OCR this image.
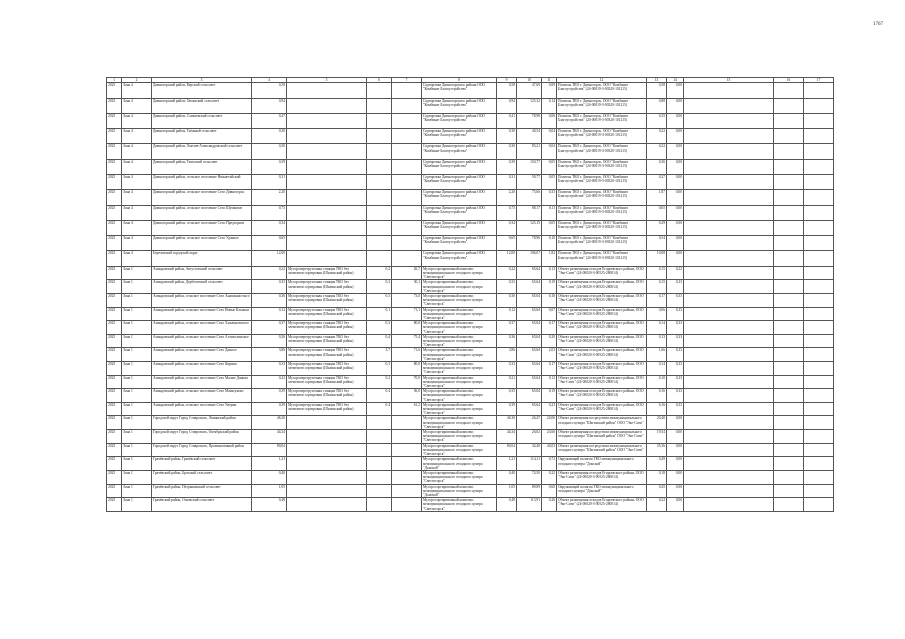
1767
1	2	3	4	5	6	7	8	9	10	11	12	13	14	15	16	17
2025	Зона 4	Дивногорский район, Керский сельсовет	0,58				Сортировка Дивногорского района ООО "Комбинат Благоустройства"	0,58	47,69	0,09	Полигон ТКО г. Дивногорск, ООО "Комбинат Благоустройства" (24-00019-З-00320-101215)	0,58	0,00			
2025	Зона 4	Дивногорский район, Овсянский сельсовет	0,94				Сортировка Дивногорского района ООО "Комбинат Благоустройства"	0,94	125,32	0,14	Полигон ТКО г. Дивногорск, ООО "Комбинат Благоустройства" (24-00019-З-00320-101215)	0,88	0,00			
2025	Зона 4	Дивногорский район, Слизневский сельсовет	0,47				Сортировка Дивногорского района ООО "Комбинат Благоустройства"	0,41	78,98	0,06	Полигон ТКО г. Дивногорск, ООО "Комбинат Благоустройства" (24-00019-З-00320-101215)	0,35	0,00			
2025	Зона 4	Дивногорский район, Таёжный сельсовет	0,30				Сортировка Дивногорского района ООО "Комбинат Благоустройства"	0,30	40,54	0,04	Полигон ТКО г. Дивногорск, ООО "Комбинат Благоустройства" (24-00019-З-00320-101215)	0,22	0,00			
2025	Зона 4	Дивногорский район, Хмелев-Александровский сельсовет	0,30				Сортировка Дивногорского района ООО "Комбинат Благоустройства"	0,30	85,21	0,04	Полигон ТКО г. Дивногорск, ООО "Комбинат Благоустройства" (24-00019-З-00320-101215)	0,22	0,00			
2025	Зона 4	Дивногорский район, Тюльский сельсовет	0,39				Сортировка Дивногорского района ООО "Комбинат Благоустройства"	0,39	150,77	0,05	Полигон ТКО г. Дивногорск, ООО "Комбинат Благоустройства" (24-00019-З-00320-101215)	0,36	0,00			
2025	Зона 4	Дивногорский район, сельское поселение Нижнетайский	0,31				Сортировка Дивногорского района ООО "Комбинат Благоустройства"	0,31	50,77	0,05	Полигон ТКО г. Дивногорск, ООО "Комбинат Благоустройства" (24-00019-З-00320-101215)	0,27	0,00			
2025	Зона 4	Дивногорский район, сельское поселение Село Дивногорск	2,20				Сортировка Дивногорского района ООО "Комбинат Благоустройства"	2,20	75,66	0,33	Полигон ТКО г. Дивногорск, ООО "Комбинат Благоустройства" (24-00019-З-00320-101215)	1,87	0,00			
2025	Зона 4	Дивногорский район, сельское поселение Село Шумковое	0,75				Сортировка Дивногорского района ООО "Комбинат Благоустройства"	0,75	88,17	0,11	Полигон ТКО г. Дивногорск, ООО "Комбинат Благоустройства" (24-00019-З-00320-101215)	0,65	0,00			
2025	Зона 4	Дивногорский район, сельское поселение Село Предгорное	0,34				Сортировка Дивногорского района ООО "Комбинат Благоустройства"	0,34	125,15	0,05	Полигон ТКО г. Дивногорск, ООО "Комбинат Благоустройства" (24-00019-З-00320-101215)	0,29	0,00			
2025	Зона 4	Дивногорский район, сельское поселение Село Удачное	0,65				Сортировка Дивногорского района ООО "Комбинат Благоустройства"	0,65	78,96	0,10	Полигон ТКО г. Дивногорск, ООО "Комбинат Благоустройства" (24-00019-З-00320-101215)	0,54	0,00			
2025	Зона 4	Березовский городской округ	12,00				Сортировка Дивногорского района ООО "Комбинат Благоустройства"	12,00	106,07	1,82	Полигон ТКО г. Дивногорск, ООО "Комбинат Благоустройства" (24-00019-З-00320-101215)	10,08	0,00			
2025	Зона 1	Амандовский район, Августовский сельсовет	0,22	Мусороперегрузочная станция ТКО без элементов сортировки (Шалинский район)	0,2	26,7	Мусоросортировочный комплекс межмуниципального отходного центра "Светлогорск"	0,22	65,64	0,13	Объект размещения отходов Егорьевского района, ООО "Эко-Сити" (24-00020-З-00525-280014)	0,15	0,22			
2025	Зона 1	Амандовский район, Дербетовский сельсовет	0,33	Мусороперегрузочная станция ТКО без элементов сортировки (Шалинский район)	0,3	30,1	Мусоросортировочный комплекс межмуниципального отходного центра "Светлогорск"	0,33	65,64	0,19	Объект размещения отходов Егорьевского района, ООО "Эко-Сити" (24-00020-З-00525-280014)	0,15	0,33			
2025	Зона 1	Амандовский район, сельское поселение Село Анашкинсельсо	0,36	Мусороперегрузочная станция ТКО без элементов сортировки (Шалинский район)	0,3	73,0	Мусоросортировочный комплекс межмуниципального отходного центра "Светлогорск"	0,36	65,64	0,16	Объект размещения отходов Егорьевского района, ООО "Эко-Сити" (24-00020-З-00525-280014)	0,17	0,33			
2025	Зона 1	Амандовский район, сельское поселение Село Новые Клыжки	0,12	Мусороперегрузочная станция ТКО без элементов сортировки (Шалинский район)	0,1	71,1	Мусоросортировочный комплекс межмуниципального отходного центра "Светлогорск"	0,12	65,64	0,07	Объект размещения отходов Егорьевского района, ООО "Эко-Сити" (24-00020-З-00525-280014)	0,06	0,33			
2025	Зона 1	Амандовский район, сельское поселение Село Хмалиновского	0,37	Мусороперегрузочная станция ТКО без элементов сортировки (Шалинский район)	0,3	80,8	Мусоросортировочный комплекс межмуниципального отходного центра "Светлогорск"	0,37	65,64	0,17	Объект размещения отходов Егорьевского района, ООО "Эко-Сити" (24-00020-З-00525-280014)	0,14	0,33			
2025	Зона 1	Амандовский район, сельское поселение Село Алтинслинское	0,36	Мусороперегрузочная станция ТКО без элементов сортировки (Шалинский район)	0,4	75,4	Мусоросортировочный комплекс межмуниципального отходного центра "Светлогорск"	0,36	65,64	0,20	Объект размещения отходов Егорьевского района, ООО "Эко-Сити" (24-00020-З-00525-280014)	0,13	0,33			
2025	Зона 1	Амандовский район, сельское поселение Село Данило	3,86	Мусороперегрузочная станция ТКО без элементов сортировки (Шалинский район)	3,7	71,6	Мусоросортировочный комплекс межмуниципального отходного центра "Светлогорск"	3,86	65,64	2,03	Объект размещения отходов Егорьевского района, ООО "Эко-Сити" (24-00020-З-00525-280014)	1,66	0,33			
2025	Зона 1	Амандовский район, сельское поселение Село Кирина	0,33	Мусороперегрузочная станция ТКО без элементов сортировки (Шалинский район)	0,3	80,0	Мусоросортировочный комплекс межмуниципального отходного центра "Светлогорск"	0,33	65,64	0,17	Объект размещения отходов Егорьевского района, ООО "Эко-Сити" (24-00020-З-00525-280014)	0,14	0,33			
2025	Зона 1	Амандовский район, сельское поселение Село Малые Данила	0,22	Мусороперегрузочная станция ТКО без элементов сортировки (Шалинский район)	0,2	70,0	Мусоросортировочный комплекс межмуниципального отходного центра "Светлогорск"	0,21	65,64	0,12	Объект размещения отходов Егорьевского района, ООО "Эко-Сити" (24-00020-З-00525-280014)	0,10	0,33			
2025	Зона 1	Амандовский район, сельское поселение Село Маньтуково	0,39	Мусороперегрузочная станция ТКО без элементов сортировки (Шалинский район)	0,4	56,0	Мусоросортировочный комплекс межмуниципального отходного центра "Светлогорск"	0,35	65,64	0,19	Объект размещения отходов Егорьевского района, ООО "Эко-Сити" (24-00020-З-00525-280014)	0,16	0,33			
2025	Зона 1	Амандовский район, сельское поселение Село Уигрин	0,39	Мусороперегрузочная станция ТКО без элементов сортировки (Шалинский район)	0,4	61,2	Мусоросортировочный комплекс межмуниципального отходного центра "Светлогорск"	0,39	65,64	0,23	Объект размещения отходов Егорьевского района, ООО "Эко-Сити" (24-00020-З-00525-280014)	0,16	0,33			
2025	Зона 1	Городской округ Город Ставрополь, Ленинский район	46,30				Мусоросортировочный комплекс межмуниципального отходного центра "Светлогорск"	46,30	26,47	24,06	Объект размещения посредством межмуниципального отходного центра "Шагинский район" ООО "Эко-Сити"	20,40	0,00			
2025	Зона 1	Городской округ Город Ставрополь, Октябрьский район	44,34				Мусоросортировочный комплекс межмуниципального отходного центра "Светлогорск"	44,34	26,02	23,66	Объект размещения посредством межмуниципального отходного центра "Шагинский район" ООО "Эко-Сити"	19,54	0,00			
2025	Зона 1	Городской округ Город Ставрополь, Промышленный район	80,04				Мусоросортировочный комплекс межмуниципального отходного центра "Светлогорск"	80,04	34,40	44,03	Объект размещения посредством межмуниципального отходного центра "Шагинский район" ООО "Эко-Сити"	35,36	0,00			
2025	Зона 1	Грачёвский район, Грачёвский сельсовет	1,21				Мусоросортировочный комплекс межмуниципального отходного центра "Донской"	1,21	114,11	0,72	Окружающий полигон ТКО межмуниципального отходного центра "Донской"	0,49	0,00			
2025	Зона 1	Грачёвский район, Братский сельсовет	0,40				Мусоросортировочный комплекс межмуниципального отходного центра "Светлогорск"	0,40	74,50	0,22	Объект размещения отходов Егорьевского района, ООО "Эко-Сити" (24-00020-З-00525-280014)	0,18	0,00			
2025	Зона 1	Грачёвский район, Петрыкинский сельсовет	1,05				Мусоросортировочный комплекс межмуниципального отходного центра "Донской"	1,05	89,89	0,60	Окружающий полигон ТКО межмуниципального отходного центра "Донской"	0,45	0,00			
2025	Зона 1	Грачёвский район, Огневский сельсовет	0,48				Мусоросортировочный комплекс межмуниципального отходного центра "Светлогорск"	0,48	113,91	0,26	Объект размещения отходов Егорьевского района, ООО "Эко-Сити" (24-00020-З-00525-280014)	0,22	0,00			
